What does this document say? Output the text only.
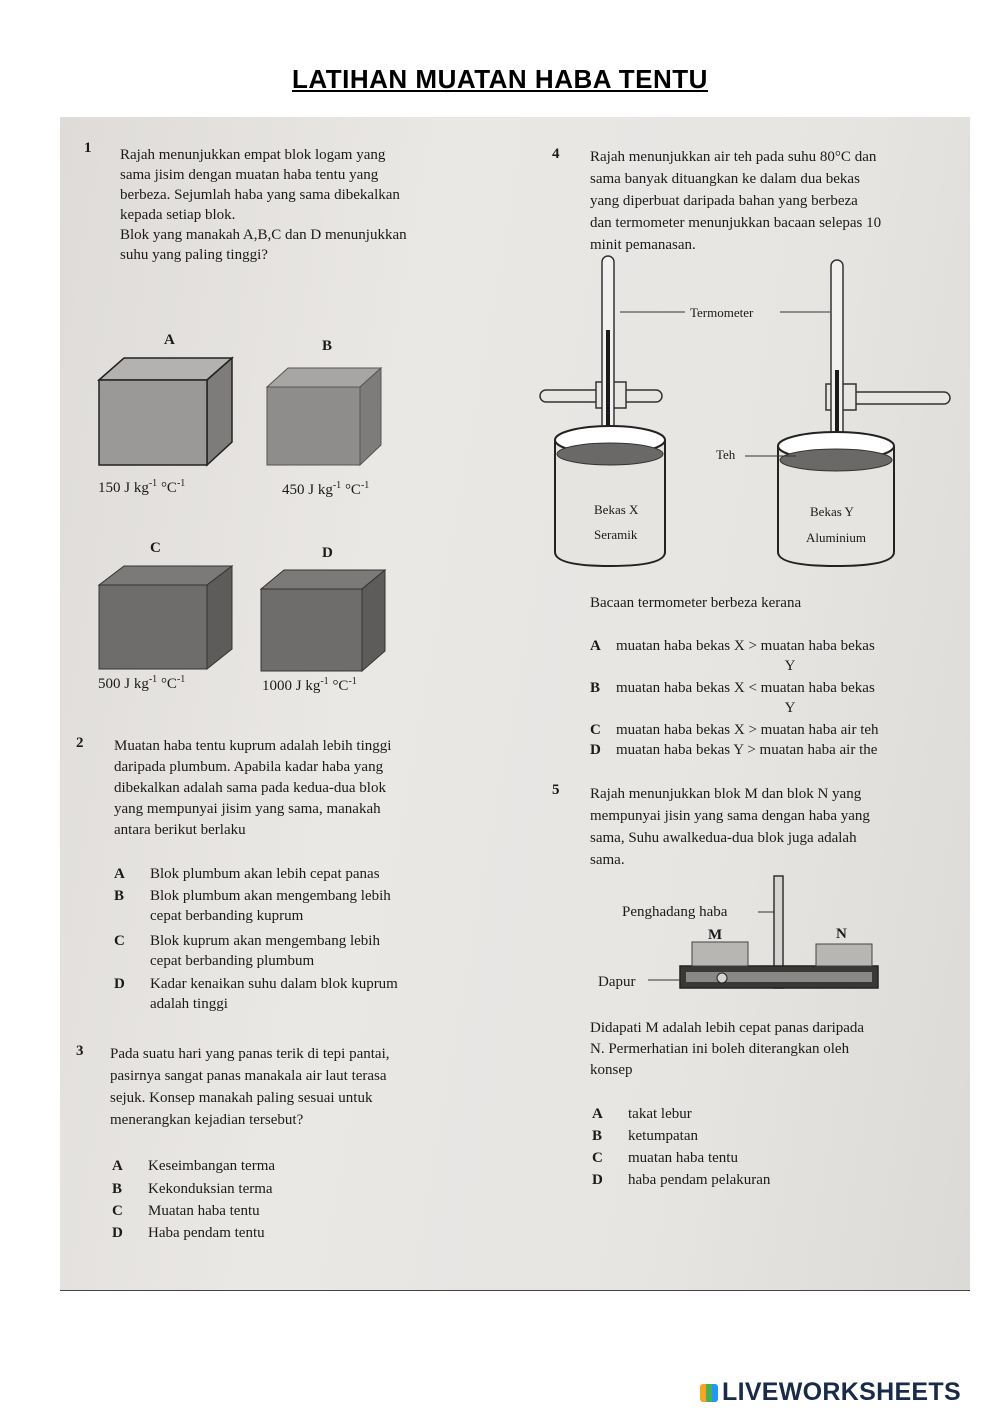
LATIHAN MUATAN HABA TENTU
1 Rajah menunjukkan empat blok logam yang
sama jisim dengan muatan haba tentu yang
berbeza. Sejumlah haba yang sama dibekalkan
kepada setiap blok.
Blok yang manakah A,B,C dan D menunjukkan
suhu yang paling tinggi?
A	B
150 J $kg^{-1}$ $^\circ C^{-1}$	450 J $kg^{-1}$ $^\circ C^{-1}$
C	D
500 J $kg^{-1}$ $^\circ C^{-1}$	1000 J $kg^{-1}$ $^\circ C^{-1}$
2 Muatan haba tentu kuprum adalah lebih tinggi
daripada plumbum. Apabila kadar haba yang
dibekalkan adalah sama pada kedua-dua blok
yang mempunyai jisim yang sama, manakah
antara berikut berlaku
A Blok plumbum akan lebih cepat panas
B Blok plumbum akan mengembang lebih
cepat berbanding kuprum
C Blok kuprum akan mengembang lebih
cepat berbanding plumbum
D Kadar kenaikan suhu dalam blok kuprum
adalah tinggi
3 Pada suatu hari yang panas terik di tepi pantai,
pasirnya sangat panas manakala air laut terasa
sejuk. Konsep manakah paling sesuai untuk
menerangkan kejadian tersebut?
A Keseimbangan terma
B Kekonduksian terma
C Muatan haba tentu
D Haba pendam tentu
4 Rajah menunjukkan air teh pada suhu 80°C dan
sama banyak dituangkan ke dalam dua bekas
yang diperbuat daripada bahan yang berbeza
dan termometer menunjukkan bacaan selepas 10
minit pemanasan.
Termometer
Teh
Bekas X
Seramik
Bekas Y
Aluminium
Bacaan termometer berbeza kerana
A muatan haba bekas X > muatan haba bekas
Y
B muatan haba bekas X < muatan haba bekas
Y
C muatan haba bekas X > muatan haba air teh
D muatan haba bekas Y > muatan haba air the
5 Rajah menunjukkan blok M dan blok N yang
mempunyai jisin yang sama dengan haba yang
sama, Suhu awalkedua-dua blok juga adalah
sama.
Penghadang haba
Dapur
M	N
Didapati M adalah lebih cepat panas daripada
N. Permerhatian ini boleh diterangkan oleh
konsep
A takat lebur
B ketumpatan
C muatan haba tentu
D haba pendam pelakuran
LIVEWORKSHEETS
